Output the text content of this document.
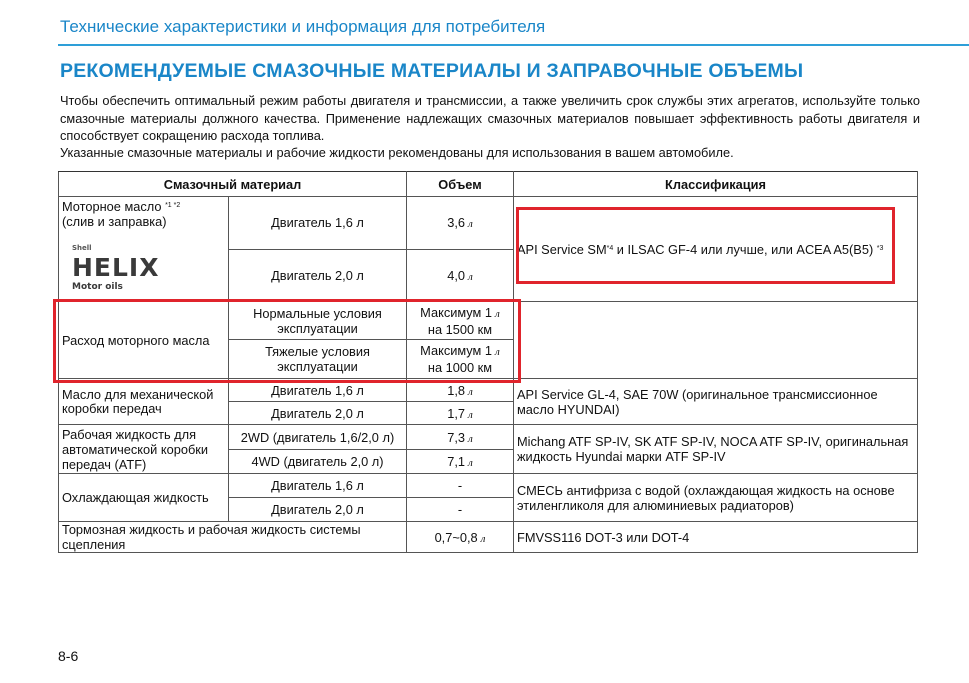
Технические характеристики и информация для потребителя
РЕКОМЕНДУЕМЫЕ СМАЗОЧНЫЕ МАТЕРИАЛЫ И ЗАПРАВОЧНЫЕ ОБЪЕМЫ
Чтобы обеспечить оптимальный режим работы двигателя и трансмиссии, а также увеличить срок службы этих агрегатов, используйте только смазочные материалы должного качества. Применение надлежащих смазочных материалов повышает эффективность работы двигателя и способствует сокращению расхода топлива.
Указанные смазочные материалы и рабочие жидкости рекомендованы для использования в вашем автомобиле.
Смазочный материал		Объем	Классификация
Моторное масло $^{*1 *2}$
(слив и заправка)
Shell
HELIX
Motor oils	Двигатель 1,6 л	3,6 л	API Service SM$^{*4}$ и ILSAC GF-4 или лучше, или ACEA A5(B5) $^{*3}$
	Двигатель 2,0 л	4,0 л	
Расход моторного масла	Нормальные условия эксплуатации	Максимум 1 л
на 1500 км	
	Тяжелые условия эксплуатации	Максимум 1 л
на 1000 км	
Масло для механической коробки передач	Двигатель 1,6 л	1,8 л	API Service GL-4, SAE 70W (оригинальное трансмиссионное масло HYUNDAI)
	Двигатель 2,0 л	1,7 л	
Рабочая жидкость для автоматической коробки передач (ATF)	2WD (двигатель 1,6/2,0 л)	7,3 л	Michang ATF SP-IV, SK ATF SP-IV, NOCA ATF SP-IV, оригинальная жидкость Hyundai марки ATF SP-IV
	4WD (двигатель 2,0 л)	7,1 л	
Охлаждающая жидкость	Двигатель 1,6 л	-	СМЕСЬ антифриза с водой (охлаждающая жидкость на основе этиленгликоля для алюминиевых радиаторов)
	Двигатель 2,0 л	-	
Тормозная жидкость и рабочая жидкость системы сцепления		0,7~0,8 л	FMVSS116 DOT-3 или DOT-4
8-6
